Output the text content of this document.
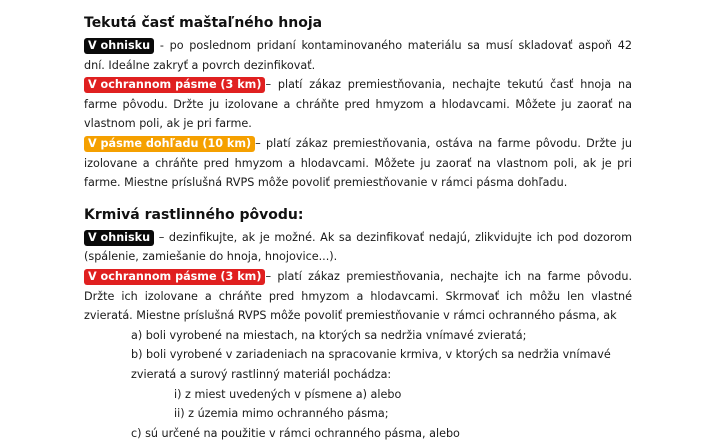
Tekutá časť maštaľného hnoja

V ohnisku - po poslednom pridaní kontaminovaného materiálu sa musí skladovať aspoň 42 dní. Ideálne zakryť a povrch dezinfikovať.

V ochrannom pásme (3 km) – platí zákaz premiestňovania, nechajte tekutú časť hnoja na farme pôvodu. Držte ju izolovane a chráňte pred hmyzom a hlodavcami. Môžete ju zaorať na vlastnom poli, ak je pri farme.

V pásme dohľadu (10 km) – platí zákaz premiestňovania, ostáva na farme pôvodu. Držte ju izolovane a chráňte pred hmyzom a hlodavcami. Môžete ju zaorať na vlastnom poli, ak je pri farme. Miestne príslušná RVPS môže povoliť premiestňovanie v rámci pásma dohľadu.

Krmivá rastlinného pôvodu:

V ohnisku – dezinfikujte, ak je možné. Ak sa dezinfikovať nedajú, zlikvidujte ich pod dozorom (spálenie, zamiešanie do hnoja, hnojovice...).

V ochrannom pásme (3 km) – platí zákaz premiestňovania, nechajte ich na farme pôvodu. Držte ich izolovane a chráňte pred hmyzom a hlodavcami. Skrmovať ich môžu len vlastné zvieratá. Miestne príslušná RVPS môže povoliť premiestňovanie v rámci ochranného pásma, ak

a) boli vyrobené na miestach, na ktorých sa nedržia vnímavé zvieratá;
b) boli vyrobené v zariadeniach na spracovanie krmiva, v ktorých sa nedržia vnímavé
zvieratá a surový rastlinný materiál pochádza:
i) z miest uvedených v písmene a) alebo
ii) z územia mimo ochranného pásma;
c) sú určené na použitie v rámci ochranného pásma, alebo
